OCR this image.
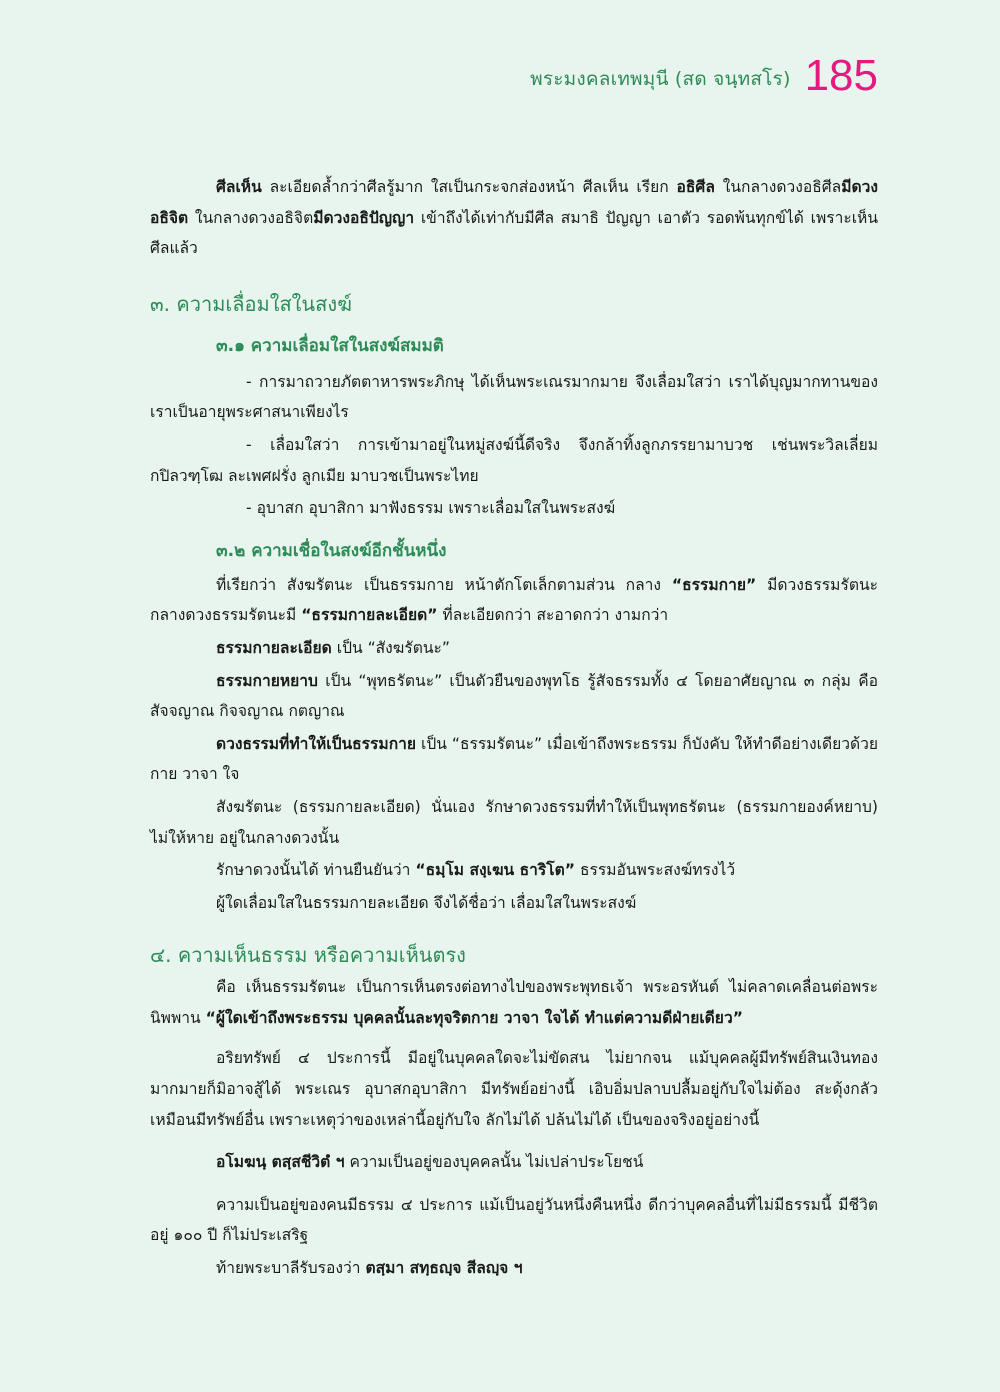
พระมงคลเทพมุนี (สด จนฺทสโร) 185

ศีลเห็น ละเอียดล้ำกว่าศีลรู้มาก ใสเป็นกระจกส่องหน้า ศีลเห็น เรียก อธิศีล ในกลางดวงอธิศีลมีดวงอธิจิต ในกลางดวงอธิจิตมีดวงอธิปัญญา เข้าถึงได้เท่ากับมีศีล สมาธิ ปัญญา เอาตัว รอดพ้นทุกข์ได้ เพราะเห็นศีลแล้ว

๓. ความเลื่อมใสในสงฆ์
๓.๑ ความเลื่อมใสในสงฆ์สมมติ

- การมาถวายภัตตาหารพระภิกษุ ได้เห็นพระเณรมากมาย จึงเลื่อมใสว่า เราได้บุญมากทานของเราเป็นอายุพระศาสนาเพียงไร

- เลื่อมใสว่า การเข้ามาอยู่ในหมู่สงฆ์นี้ดีจริง จึงกล้าทิ้งลูกภรรยามาบวช เช่นพระวิลเลี่ยม กปิลวฑฺโฒ ละเพศฝรั่ง ลูกเมีย มาบวชเป็นพระไทย

- อุบาสก อุบาสิกา มาฟังธรรม เพราะเลื่อมใสในพระสงฆ์

๓.๒ ความเชื่อในสงฆ์อีกชั้นหนึ่ง

ที่เรียกว่า สังฆรัตนะ เป็นธรรมกาย หน้าตักโตเล็กตามส่วน กลาง “ธรรมกาย” มีดวงธรรมรัตนะ กลางดวงธรรมรัตนะมี “ธรรมกายละเอียด” ที่ละเอียดกว่า สะอาดกว่า งามกว่า

ธรรมกายละเอียด เป็น “สังฆรัตนะ”

ธรรมกายหยาบ เป็น “พุทธรัตนะ” เป็นตัวยืนของพุทโธ รู้สัจธรรมทั้ง ๔ โดยอาศัยญาณ ๓ กลุ่ม คือ สัจจญาณ กิจจญาณ กตญาณ

ดวงธรรมที่ทำให้เป็นธรรมกาย เป็น “ธรรมรัตนะ” เมื่อเข้าถึงพระธรรม ก็บังคับ ให้ทำดีอย่างเดียวด้วยกาย วาจา ใจ

สังฆรัตนะ (ธรรมกายละเอียด) นั่นเอง รักษาดวงธรรมที่ทำให้เป็นพุทธรัตนะ (ธรรมกายองค์หยาบ) ไม่ให้หาย อยู่ในกลางดวงนั้น

รักษาดวงนั้นได้ ท่านยืนยันว่า “ธมฺโม สงฺเฆน ธาริโต” ธรรมอันพระสงฆ์ทรงไว้

ผู้ใดเลื่อมใสในธรรมกายละเอียด จึงได้ชื่อว่า เลื่อมใสในพระสงฆ์

๔. ความเห็นธรรม หรือความเห็นตรง

คือ เห็นธรรมรัตนะ เป็นการเห็นตรงต่อทางไปของพระพุทธเจ้า พระอรหันต์ ไม่คลาดเคลื่อนต่อพระนิพพาน “ผู้ใดเข้าถึงพระธรรม บุคคลนั้นละทุจริตกาย วาจา ใจได้ ทำแต่ความดีฝ่ายเดียว”

อริยทรัพย์ ๔ ประการนี้ มีอยู่ในบุคคลใดจะไม่ขัดสน ไม่ยากจน แม้บุคคลผู้มีทรัพย์สินเงินทอง มากมายก็มิอาจสู้ได้ พระเณร อุบาสกอุบาสิกา มีทรัพย์อย่างนี้ เอิบอิ่มปลาบปลื้มอยู่กับใจไม่ต้อง สะดุ้งกลัวเหมือนมีทรัพย์อื่น เพราะเหตุว่าของเหล่านี้อยู่กับใจ ลักไม่ได้ ปล้นไม่ได้ เป็นของจริงอยู่อย่างนี้

อโมฆนฺ ตสฺสชีวิตํ ฯ ความเป็นอยู่ของบุคคลนั้น ไม่เปล่าประโยชน์

ความเป็นอยู่ของคนมีธรรม ๔ ประการ แม้เป็นอยู่วันหนึ่งคืนหนึ่ง ดีกว่าบุคคลอื่นที่ไม่มีธรรมนี้ มีชีวิตอยู่ ๑๐๐ ปี ก็ไม่ประเสริฐ

ท้ายพระบาลีรับรองว่า ตสฺมา สทฺธญฺจ สีลญฺจ ฯ
